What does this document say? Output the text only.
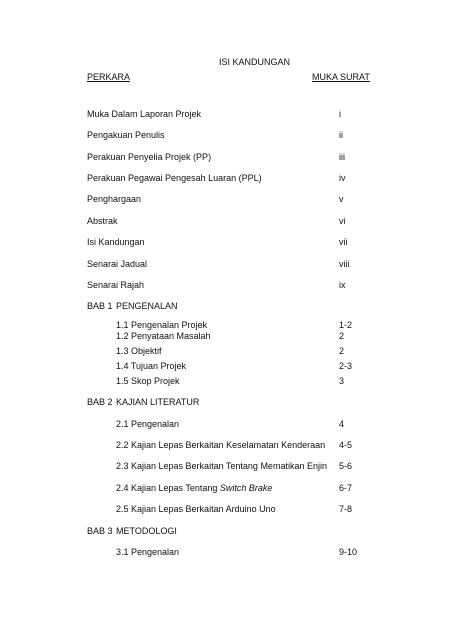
ISI KANDUNGAN
PERKARA	MUKA SURAT
Muka Dalam Laporan Projek	i
Pengakuan Penulis	ii
Perakuan Penyelia Projek (PP)	iii
Perakuan Pegawai Pengesah Luaran (PPL)	iv
Penghargaan	v
Abstrak	vi
Isi Kandungan	vii
Senarai Jadual	viii
Senarai Rajah	ix
BAB 1 PENGENALAN
1.1 Pengenalan Projek	1-2
1.2 Penyataan Masalah	2
1.3 Objektif	2
1.4 Tujuan Projek	2-3
1.5 Skop Projek	3
BAB 2 KAJIAN LITERATUR
2.1 Pengenalan	4
2.2 Kajian Lepas Berkaitan Keselamatan Kenderaan 4-5
2.3 Kajian Lepas Berkaitan Tentang Mematikan Enjin 5-6
2.4 Kajian Lepas Tentang Switch Brake	6-7
2.5 Kajian Lepas Berkaitan Arduino Uno	7-8
BAB 3 METODOLOGI
3.1 Pengenalan	9-10
